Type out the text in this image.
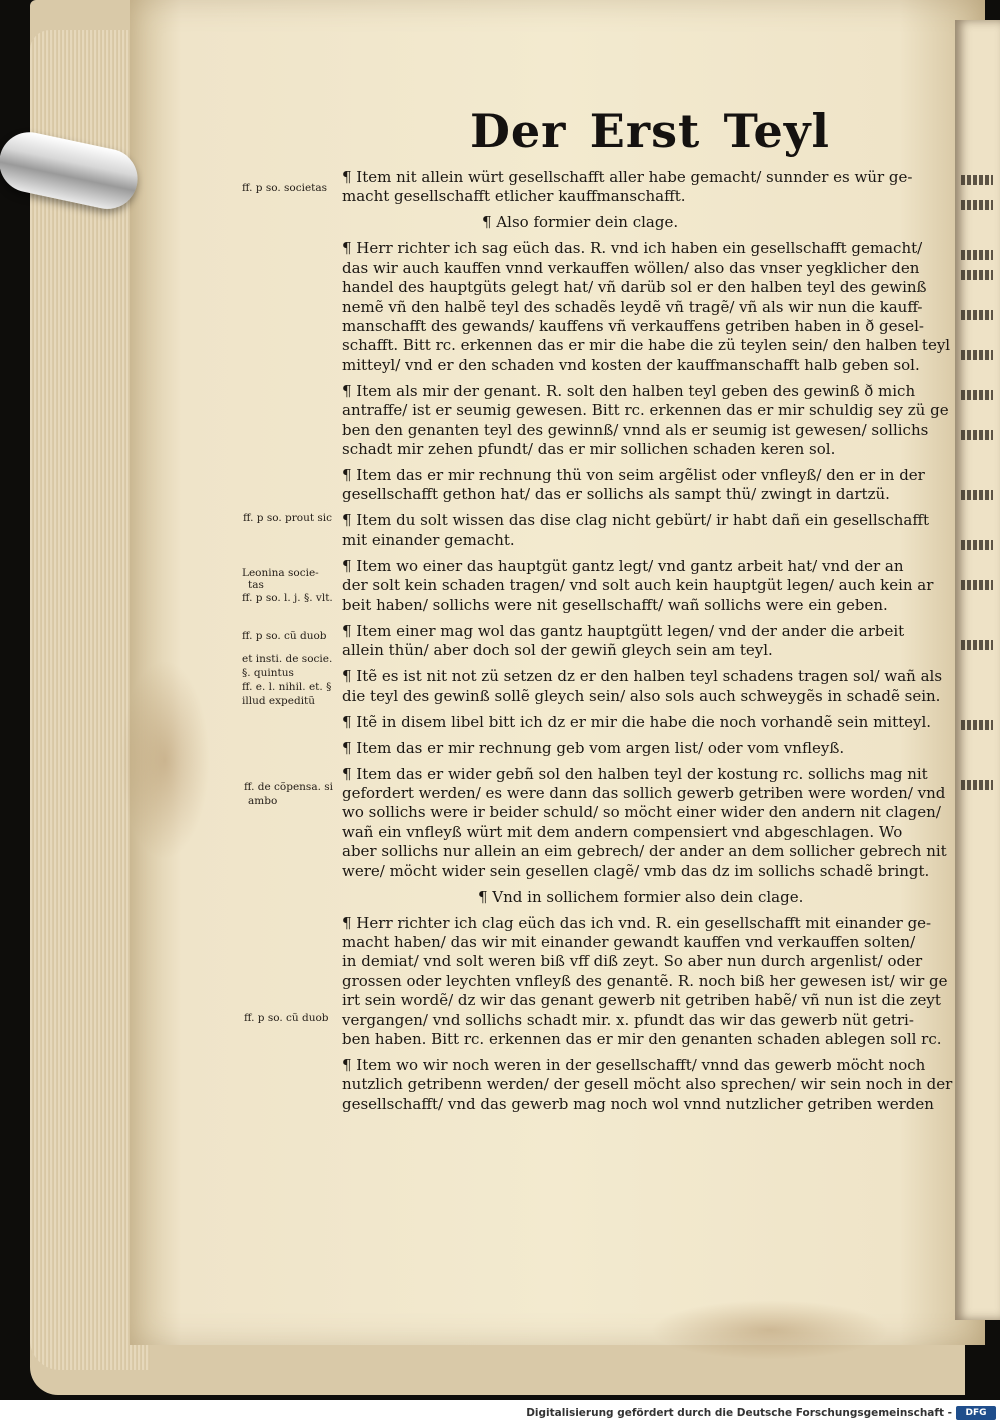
Der Erst Teyl
ff. p so. societas
ff. p so. prout sic
Leonina socie-
tas
ff. p so. l. j. §. vlt.
ff. p so. cũ duob
et insti. de socie.
§. quintus
ff. e. l. nihil. et. §
illud expeditũ
ff. de cõpensa. si
ambo
ff. p so. cũ duob
¶ Item nit allein würt gesellschafft aller habe gemacht/ sunnder es wür ge-
macht gesellschafft etlicher kauffmanschafft.
¶ Also formier dein clage.
¶ Herr richter ich sag eüch das. R. vnd ich haben ein gesellschafft gemacht/
das wir auch kauffen vnnd verkauffen wöllen/ also das vnser yegklicher den
handel des hauptgüts gelegt hat/ vñ darüb sol er den halben teyl des gewinß
nemẽ vñ den halbẽ teyl des schadẽs leydẽ vñ tragẽ/ vñ als wir nun die kauff-
manschafft des gewands/ kauffens vñ verkauffens getriben haben in ð gesel-
schafft. Bitt rc. erkennen das er mir die habe die zü teylen sein/ den halben teyl
mitteyl/ vnd er den schaden vnd kosten der kauffmanschafft halb geben sol.
¶ Item als mir der genant. R. solt den halben teyl geben des gewinß ð mich
antraffe/ ist er seumig gewesen. Bitt rc. erkennen das er mir schuldig sey zü ge
ben den genanten teyl des gewinnß/ vnnd als er seumig ist gewesen/ sollichs
schadt mir zehen pfundt/ das er mir sollichen schaden keren sol.
¶ Item das er mir rechnung thü von seim argẽlist oder vnfleyß/ den er in der
gesellschafft gethon hat/ das er sollichs als sampt thü/ zwingt in dartzü.
¶ Item du solt wissen das dise clag nicht gebürt/ ir habt dañ ein gesellschafft
mit einander gemacht.
¶ Item wo einer das hauptgüt gantz legt/ vnd gantz arbeit hat/ vnd der an
der solt kein schaden tragen/ vnd solt auch kein hauptgüt legen/ auch kein ar
beit haben/ sollichs were nit gesellschafft/ wañ sollichs were ein geben.
¶ Item einer mag wol das gantz hauptgütt legen/ vnd der ander die arbeit
allein thün/ aber doch sol der gewiñ gleych sein am teyl.
¶ Itẽ es ist nit not zü setzen dz er den halben teyl schadens tragen sol/ wañ als
die teyl des gewinß sollẽ gleych sein/ also sols auch schweygẽs in schadẽ sein.
¶ Itẽ in disem libel bitt ich dz er mir die habe die noch vorhandẽ sein mitteyl.
¶ Item das er mir rechnung geb vom argen list/ oder vom vnfleyß.
¶ Item das er wider gebñ sol den halben teyl der kostung rc. sollichs mag nit
gefordert werden/ es were dann das sollich gewerb getriben were worden/ vnd
wo sollichs were ir beider schuld/ so möcht einer wider den andern nit clagen/
wañ ein vnfleyß würt mit dem andern compensiert vnd abgeschlagen. Wo
aber sollichs nur allein an eim gebrech/ der ander an dem sollicher gebrech nit
were/ möcht wider sein gesellen clagẽ/ vmb das dz im sollichs schadẽ bringt.
¶ Vnd in sollichem formier also dein clage.
¶ Herr richter ich clag eüch das ich vnd. R. ein gesellschafft mit einander ge-
macht haben/ das wir mit einander gewandt kauffen vnd verkauffen solten/
in demiat/ vnd solt weren biß vff diß zeyt. So aber nun durch argenlist/ oder
grossen oder leychten vnfleyß des genantẽ. R. noch biß her gewesen ist/ wir ge
irt sein wordẽ/ dz wir das genant gewerb nit getriben habẽ/ vñ nun ist die zeyt
vergangen/ vnd sollichs schadt mir. x. pfundt das wir das gewerb nüt getri-
ben haben. Bitt rc. erkennen das er mir den genanten schaden ablegen soll rc.
¶ Item wo wir noch weren in der gesellschafft/ vnnd das gewerb möcht noch
nutzlich getribenn werden/ der gesell möcht also sprechen/ wir sein noch in der
gesellschafft/ vnd das gewerb mag noch wol vnnd nutzlicher getriben werden
Digitalisierung gefördert durch die Deutsche Forschungsgemeinschaft -	DFG
